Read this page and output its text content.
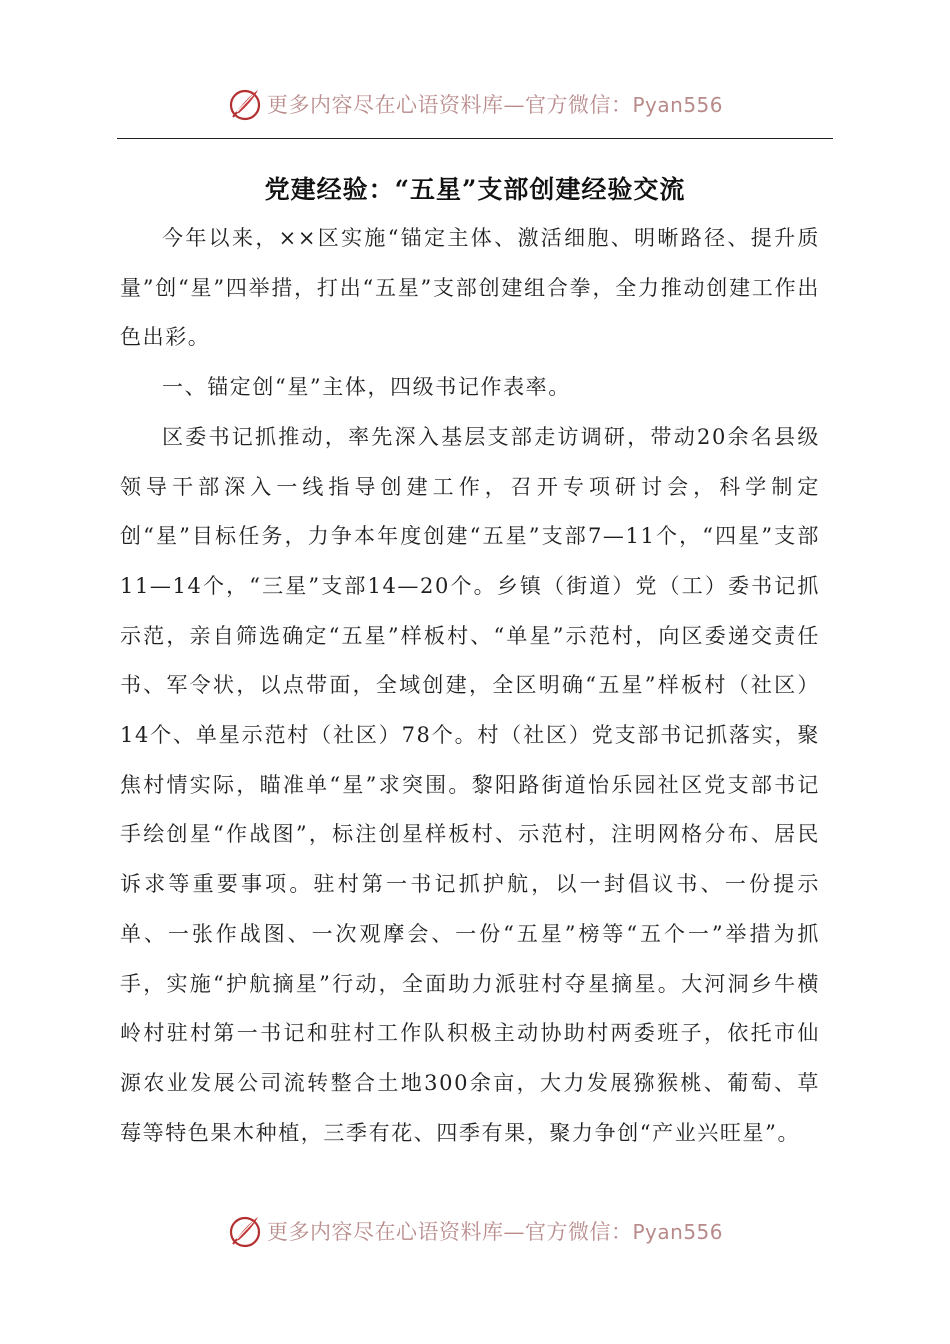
更多内容尽在心语资料库—官方微信：Pyan556
党建经验：“五星”支部创建经验交流

今年以来，××区实施“锚定主体、激活细胞、明晰路径、提升质量”创“星”四举措，打出“五星”支部创建组合拳，全力推动创建工作出色出彩。

一、锚定创“星”主体，四级书记作表率。

区委书记抓推动，率先深入基层支部走访调研，带动20余名县级领导干部深入一线指导创建工作，召开专项研讨会，科学制定创“星”目标任务，力争本年度创建“五星”支部7—11个，“四星”支部11—14个，“三星”支部14—20个。乡镇（街道）党（工）委书记抓示范，亲自筛选确定“五星”样板村、“单星”示范村，向区委递交责任书、军令状，以点带面，全域创建，全区明确“五星”样板村（社区）14个、单星示范村（社区）78个。村（社区）党支部书记抓落实，聚焦村情实际，瞄准单“星”求突围。黎阳路街道怡乐园社区党支部书记手绘创星“作战图”，标注创星样板村、示范村，注明网格分布、居民诉求等重要事项。驻村第一书记抓护航，以一封倡议书、一份提示单、一张作战图、一次观摩会、一份“五星”榜等“五个一”举措为抓手，实施“护航摘星”行动，全面助力派驻村夺星摘星。大河洞乡牛横岭村驻村第一书记和驻村工作队积极主动协助村两委班子，依托市仙源农业发展公司流转整合土地300余亩，大力发展猕猴桃、葡萄、草莓等特色果木种植，三季有花、四季有果，聚力争创“产业兴旺星”。

更多内容尽在心语资料库—官方微信：Pyan556
